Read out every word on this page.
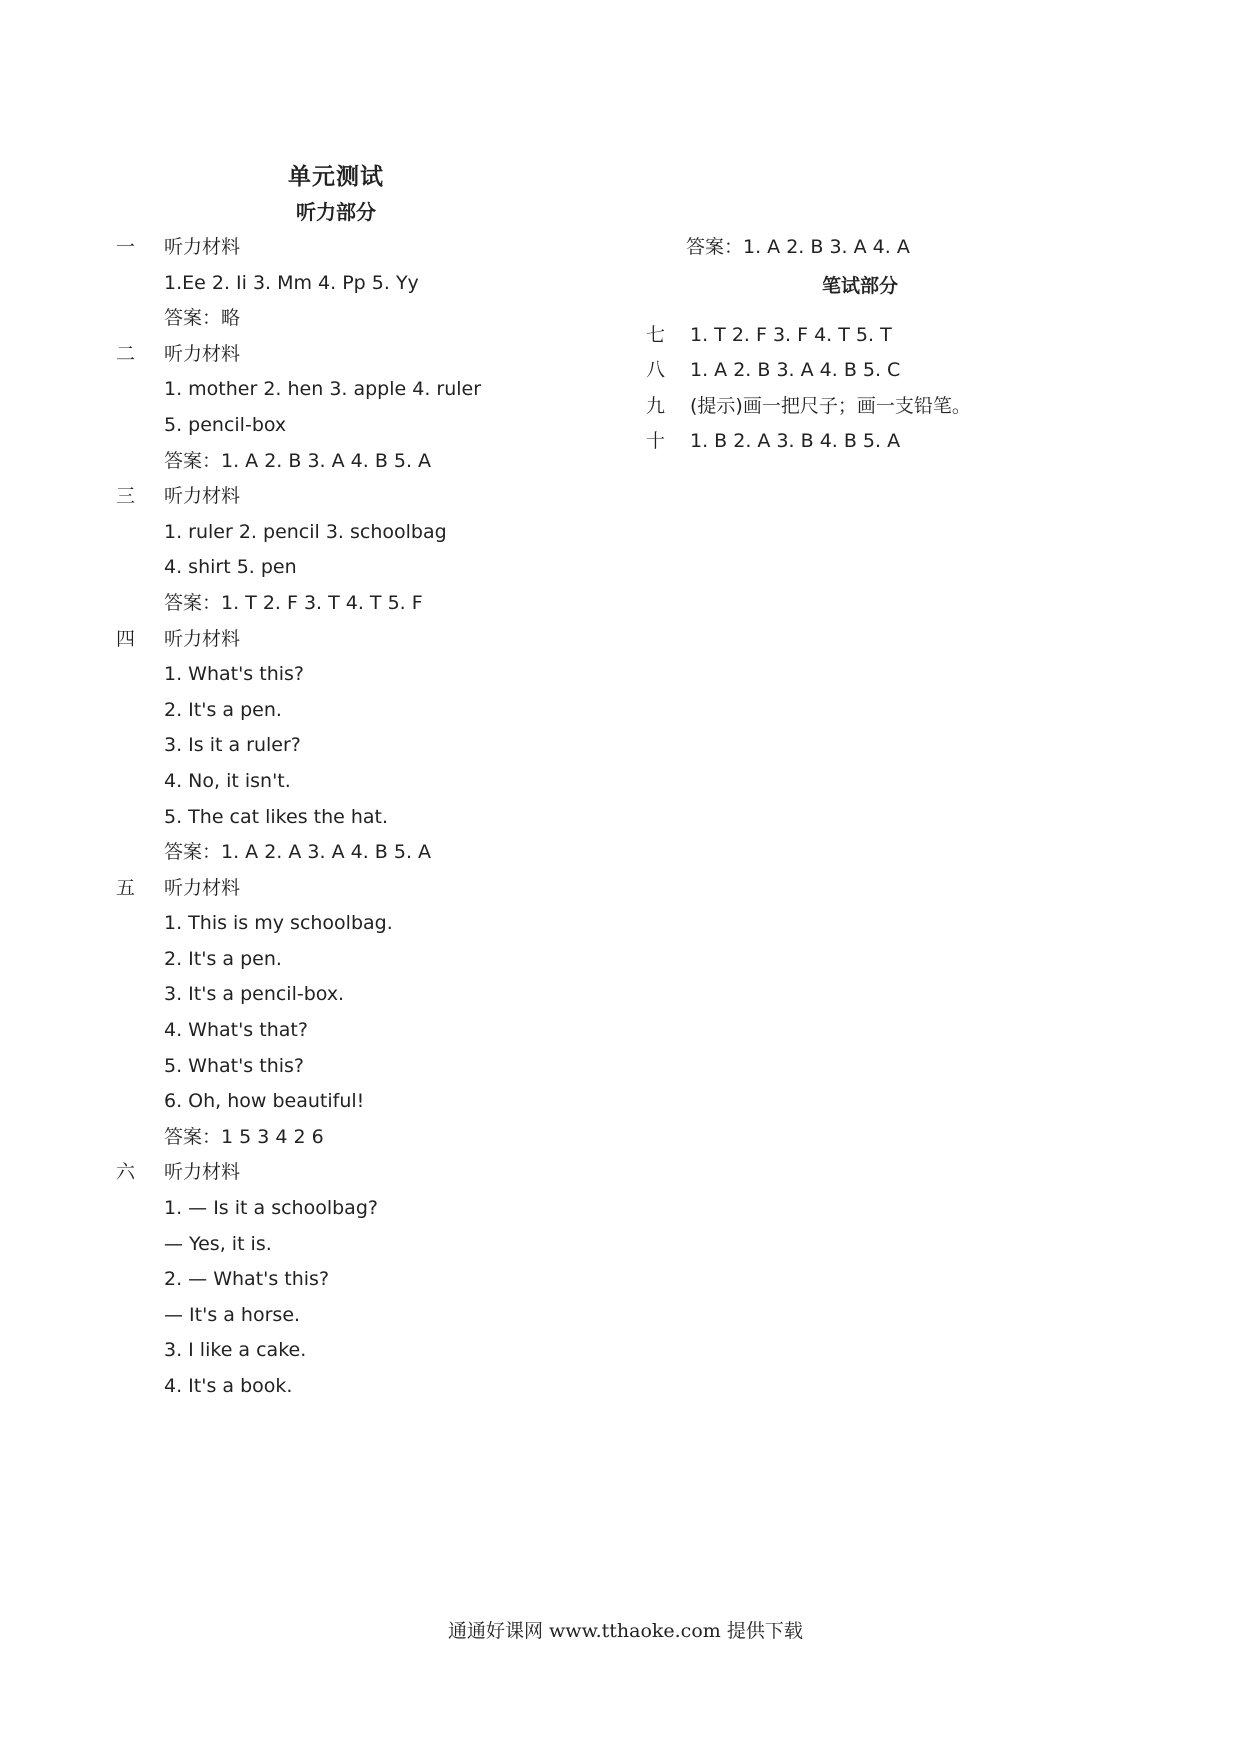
单元测试
听力部分
一	听力材料
1.Ee 2. Ii 3. Mm 4. Pp 5. Yy
答案：略
二	听力材料
1. mother 2. hen 3. apple 4. ruler
5. pencil-box
答案：1. A 2. B 3. A 4. B 5. A
三	听力材料
1. ruler 2. pencil 3. schoolbag
4. shirt 5. pen
答案：1. T 2. F 3. T 4. T 5. F
四	听力材料
1. What's this?
2. It's a pen.
3. Is it a ruler?
4. No, it isn't.
5. The cat likes the hat.
答案：1. A 2. A 3. A 4. B 5. A
五	听力材料
1. This is my schoolbag.
2. It's a pen.
3. It's a pencil-box.
4. What's that?
5. What's this?
6. Oh, how beautiful!
答案：1 5 3 4 2 6
六	听力材料
1. — Is it a schoolbag?
— Yes, it is.
2. — What's this?
— It's a horse.
3. I like a cake.
4. It's a book.
答案：1. A 2. B 3. A 4. A
笔试部分
七	1. T 2. F 3. F 4. T 5. T
八	1. A 2. B 3. A 4. B 5. C
九	(提示)画一把尺子；画一支铅笔。
十	1. B 2. A 3. B 4. B 5. A
通通好课网 www.tthaoke.com 提供下载
